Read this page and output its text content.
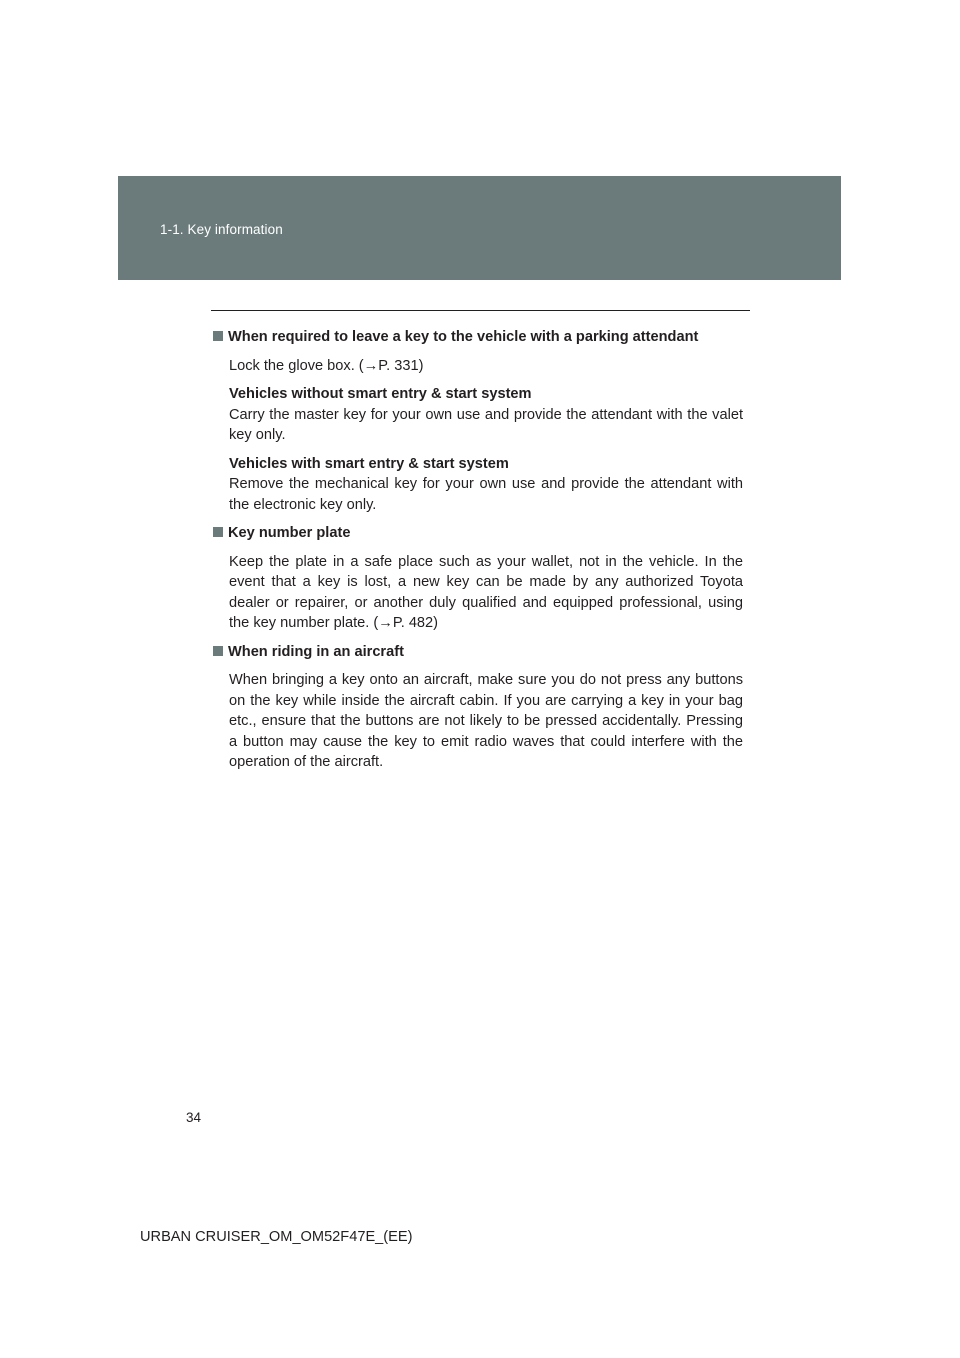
1-1. Key information
When required to leave a key to the vehicle with a parking attendant

Lock the glove box. (→P. 331)

Vehicles without smart entry & start system
Carry the master key for your own use and provide the attendant with the valet key only.

Vehicles with smart entry & start system
Remove the mechanical key for your own use and provide the attendant with the electronic key only.

Key number plate

Keep the plate in a safe place such as your wallet, not in the vehicle. In the event that a key is lost, a new key can be made by any authorized Toyota dealer or repairer, or another duly qualified and equipped professional, using the key number plate. (→P. 482)

When riding in an aircraft

When bringing a key onto an aircraft, make sure you do not press any buttons on the key while inside the aircraft cabin. If you are carrying a key in your bag etc., ensure that the buttons are not likely to be pressed accidentally. Pressing a button may cause the key to emit radio waves that could interfere with the operation of the aircraft.

34
URBAN CRUISER_OM_OM52F47E_(EE)
